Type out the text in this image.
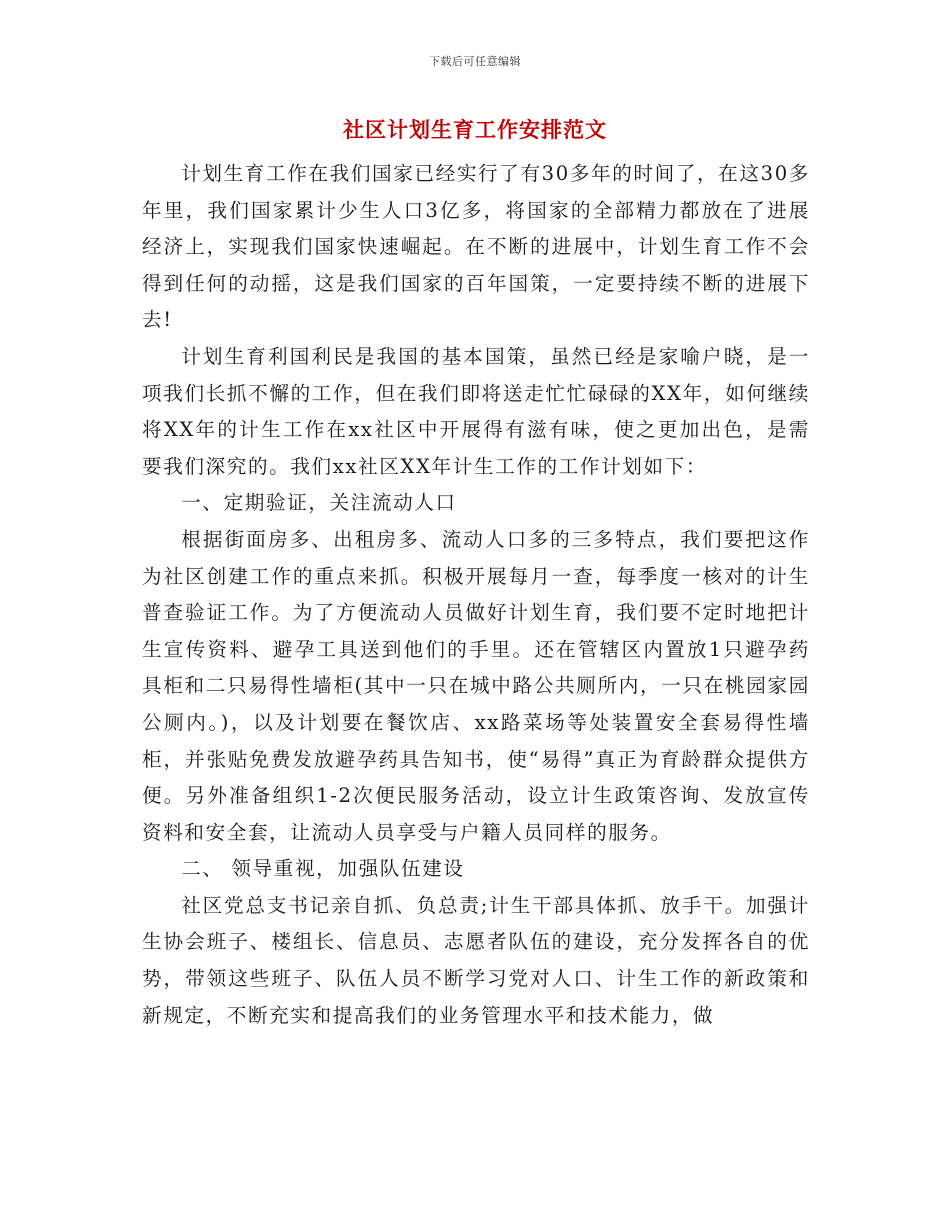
下载后可任意编辑
社区计划生育工作安排范文

计划生育工作在我们国家已经实行了有30多年的时间了，在这30多年里，我们国家累计少生人口3亿多，将国家的全部精力都放在了进展经济上，实现我们国家快速崛起。在不断的进展中，计划生育工作不会得到任何的动摇，这是我们国家的百年国策，一定要持续不断的进展下去!

计划生育利国利民是我国的基本国策，虽然已经是家喻户晓，是一项我们长抓不懈的工作，但在我们即将送走忙忙碌碌的XX年，如何继续将XX年的计生工作在xx社区中开展得有滋有味，使之更加出色，是需要我们深究的。我们xx社区XX年计生工作的工作计划如下：

一、定期验证，关注流动人口

根据街面房多、出租房多、流动人口多的三多特点，我们要把这作为社区创建工作的重点来抓。积极开展每月一查，每季度一核对的计生普查验证工作。为了方便流动人员做好计划生育，我们要不定时地把计生宣传资料、避孕工具送到他们的手里。还在管辖区内置放1只避孕药具柜和二只易得性墙柜(其中一只在城中路公共厕所内，一只在桃园家园公厕内。)，以及计划要在餐饮店、xx路菜场等处装置安全套易得性墙柜，并张贴免费发放避孕药具告知书，使“易得”真正为育龄群众提供方便。另外准备组织1-2次便民服务活动，设立计生政策咨询、发放宣传资料和安全套，让流动人员享受与户籍人员同样的服务。

二、 领导重视，加强队伍建设

社区党总支书记亲自抓、负总责;计生干部具体抓、放手干。加强计生协会班子、楼组长、信息员、志愿者队伍的建设，充分发挥各自的优势，带领这些班子、队伍人员不断学习党对人口、计生工作的新政策和新规定，不断充实和提高我们的业务管理水平和技术能力，做
